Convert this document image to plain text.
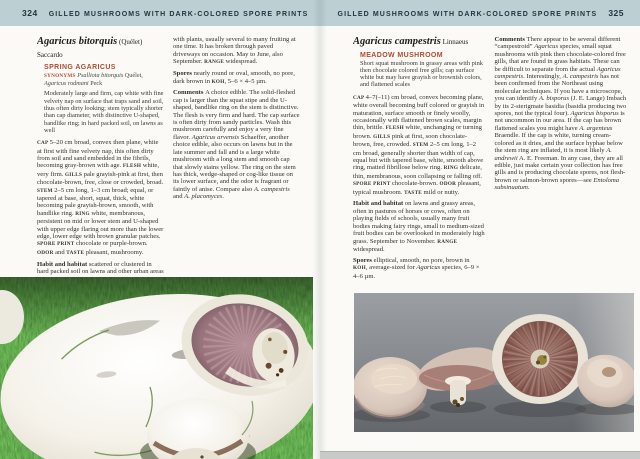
324 GILLED MUSHROOMS WITH DARK-COLORED SPORE PRINTS	GILLED MUSHROOMS WITH DARK-COLORED SPORE PRINTS 325
Agaricus bitorquis (Quélet) Saccardo
SPRING AGARICUS

SYNONYMS Psalliota bitorquis Quélet, Agaricus rodmani Peck

Moderately large and firm, cap white with fine velvety nap on surface that traps sand and soil, thus often dirty looking; stem typically shorter than cap diameter, with distinctive U-shaped, bandlike ring; in hard packed soil, on lawns as well

CAP 5–20 cm broad, convex then plane, white at first with fine velvety nap, this often dirty from soil and sand embedded in the fibrils, becoming gray-brown with age. FLESH white, very firm. GILLS pale grayish-pink at first, then chocolate-brown, free, close or crowded, broad. STEM 2–5 cm long, 1–3 cm broad; equal, or tapered at base, short, squat, thick, white becoming pale grayish-brown, smooth, with bandlike ring. RING white, membranous, persistent on mid or lower stem and U-shaped with upper edge flaring out more than the lower edge, lower edge with brown granular patches. SPORE PRINT chocolate or purple-brown. ODOR and TASTE pleasant, mushroomy.

Habit and habitat scattered or clustered in hard packed soil on lawns and other urban areas with plants, usually several to many fruiting at one time. It has broken through paved driveways on occasion. May to June, also September. RANGE widespread.

Spores nearly round or oval, smooth, no pore, dark brown in KOH, 5–6 × 4–5 µm.

Comments A choice edible. The solid-fleshed cap is larger than the squat stipe and the U-shaped, bandlike ring on the stem is distinctive. The flesh is very firm and hard. The cap surface is often dirty from sandy particles. Wash this mushroom carefully and enjoy a very fine flavor. Agaricus arvensis Schaeffer, another choice edible, also occurs on lawns but in the late summer and fall and is a large white mushroom with a long stem and smooth cap that slowly stains yellow. The ring on the stem has thick, wedge-shaped or cog-like tissue on its lower surface, and the odor is fragrant or faintly of anise. Compare also A. campestris and A. placomyces.

Agaricus campestris Linnaeus
MEADOW MUSHROOM

Short squat mushroom in grassy areas with pink then chocolate colored free gills; cap surface white but may have grayish or brownish colors, and flattened scales

CAP 4–7(–11) cm broad, convex becoming plane, white overall becoming buff colored or grayish in maturation, surface smooth or finely woolly, occasionally with flattened brown scales, margin thin, brittle. FLESH white, unchanging or turning brown. GILLS pink at first, soon chocolate-brown, free, crowded. STEM 2–5 cm long, 1–2 cm broad, generally shorter than width of cap, equal but with tapered base, white, smooth above ring, matted fibrillose below ring. RING delicate, thin, membranous, soon collapsing or falling off. SPORE PRINT chocolate-brown. ODOR pleasant, typical mushroom. TASTE mild or nutty.

Habit and habitat on lawns and grassy areas, often in pastures of horses or cows, often on playing fields of schools, usually many fruit bodies making fairy rings, small to medium-sized fruit bodies can be overlooked in moderately high grass. September to November. RANGE widespread.

Spores elliptical, smooth, no pore, brown in KOH, average-sized for Agaricus species, 6–9 × 4–6 µm.

Comments There appear to be several different “campestroid” Agaricus species, small squat mushrooms with pink then chocolate-colored free gills, that are found in grass habitats. These can be difficult to separate from the actual Agaricus campestris. Interestingly, A. campestris has not been confirmed from the Northeast using molecular techniques. If you have a microscope, you can identify A. bisporus (J. E. Lange) Imbach by its 2-sterigmate basidia (basidia producing two spores, not the typical four). Agaricus bisporus is not uncommon in our area. If the cap has brown flattened scales you might have A. argenteus Braendle. If the cap is white, turning cream-colored as it dries, and the surface hyphae below the stem ring are inflated, it is most likely A. andrewii A. E. Freeman. In any case, they are all edible, just make certain your collection has free gills and is producing chocolate spores, not flesh-brown or salmon-brown spores—see Entoloma subsinuatum.
